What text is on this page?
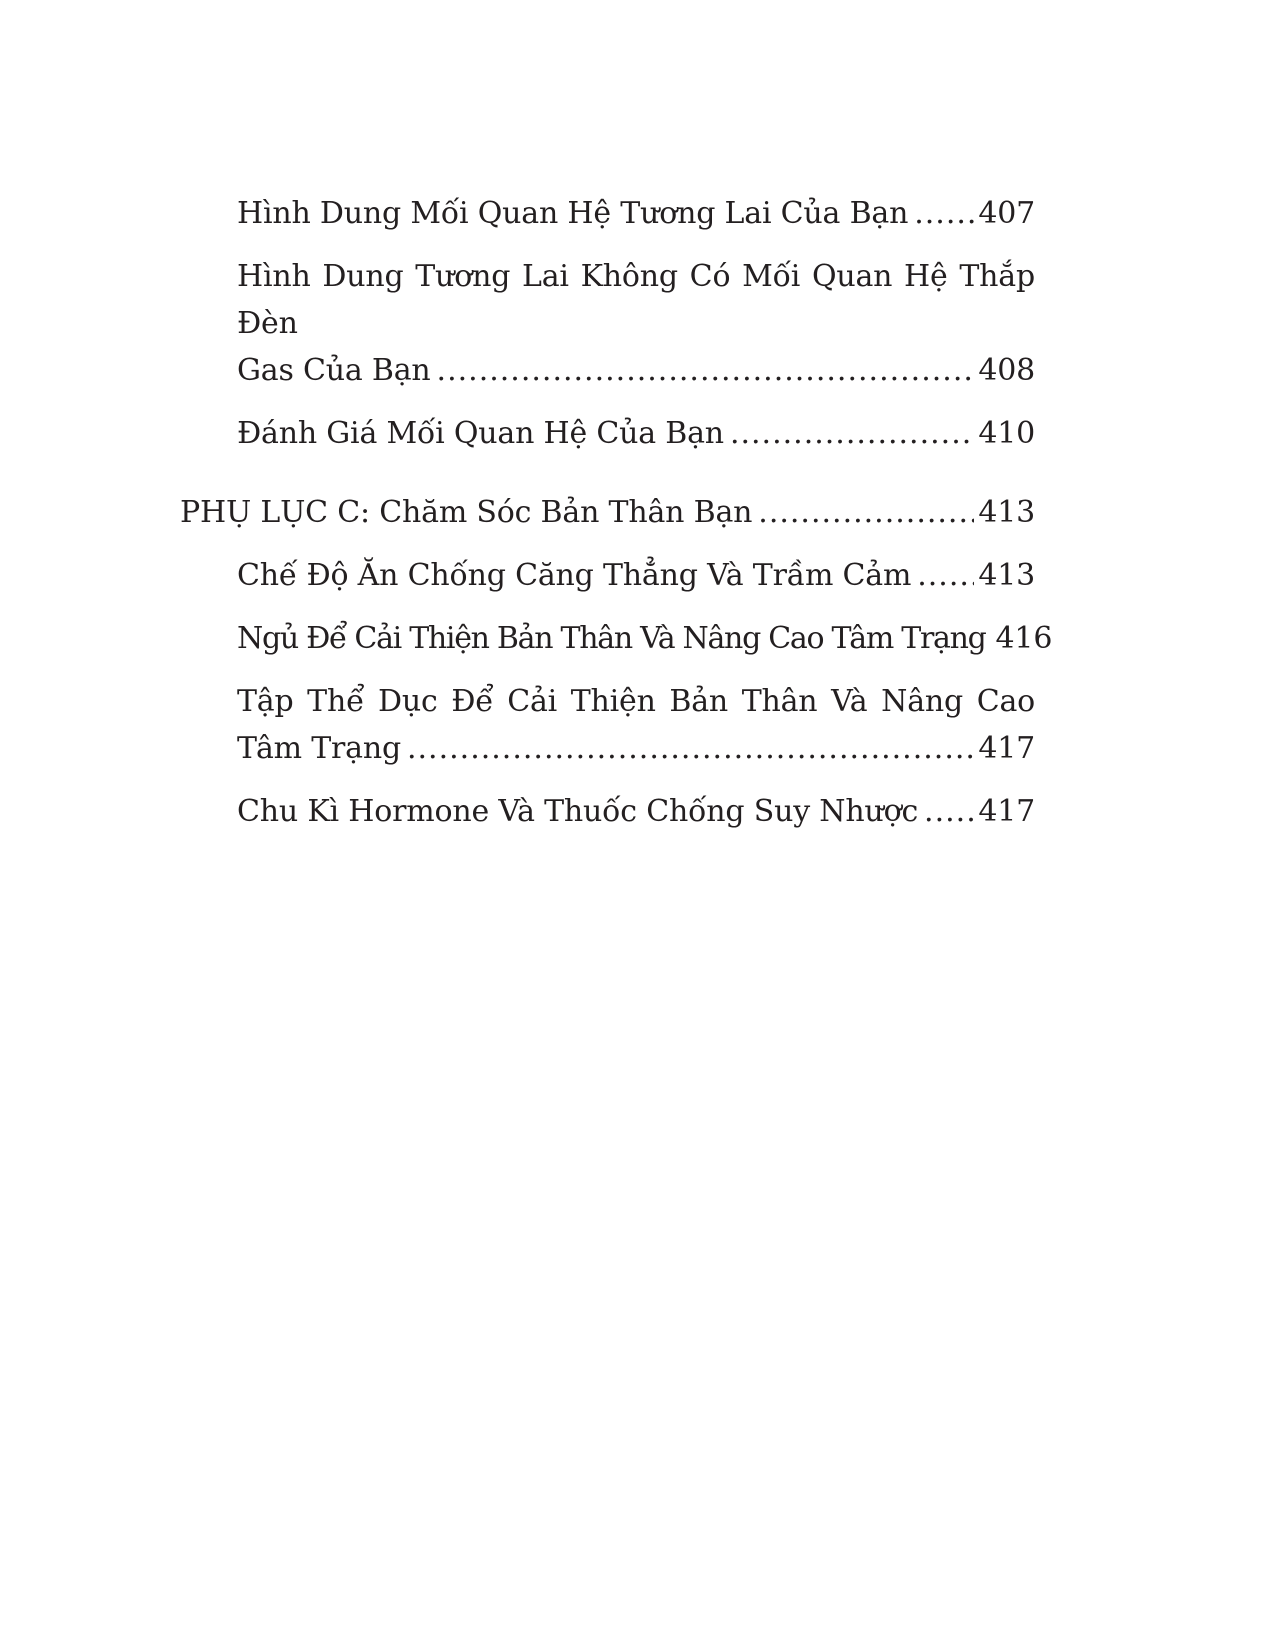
Hình Dung Mối Quan Hệ Tương Lai Của Bạn ..... 407
Hình Dung Tương Lai Không Có Mối Quan Hệ Thắp Đèn
Gas Của Bạn .....	408
Đánh Giá Mối Quan Hệ Của Bạn .....	410
PHỤ LỤC C: Chăm Sóc Bản Thân Bạn .....	413
Chế Độ Ăn Chống Căng Thẳng Và Trầm Cảm ..... 413
Ngủ Để Cải Thiện Bản Thân Và Nâng Cao Tâm Trạng 416
Tập Thể Dục Để Cải Thiện Bản Thân Và Nâng Cao
Tâm Trạng .....	417
Chu Kì Hormone Và Thuốc Chống Suy Nhược ..... 417
